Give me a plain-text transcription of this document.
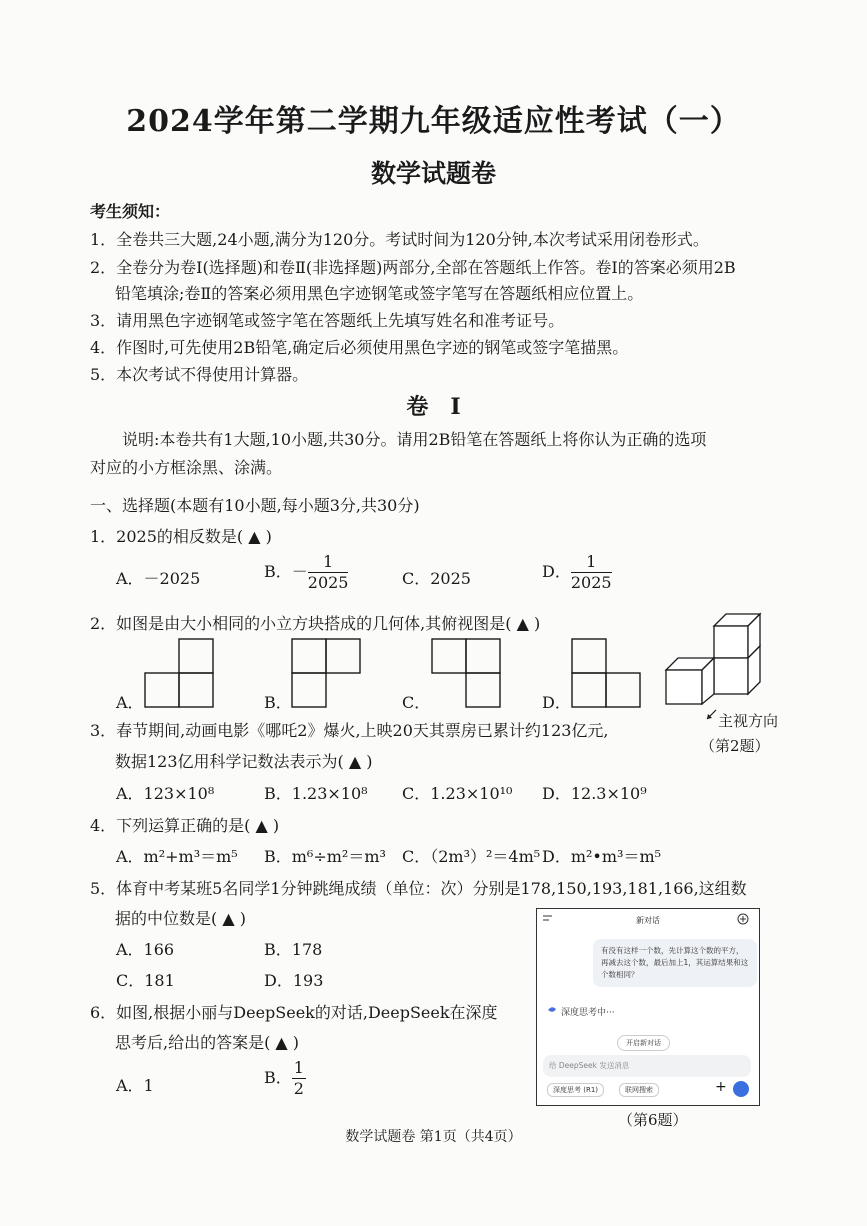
2024学年第二学期九年级适应性考试（一）
数学试题卷
考生须知：
1．全卷共三大题,24小题,满分为120分。考试时间为120分钟,本次考试采用闭卷形式。
2．全卷分为卷Ⅰ(选择题)和卷Ⅱ(非选择题)两部分,全部在答题纸上作答。卷Ⅰ的答案必须用2B
铅笔填涂;卷Ⅱ的答案必须用黑色字迹钢笔或签字笔写在答题纸相应位置上。
3．请用黑色字迹钢笔或签字笔在答题纸上先填写姓名和准考证号。
4．作图时,可先使用2B铅笔,确定后必须使用黑色字迹的钢笔或签字笔描黑。
5．本次考试不得使用计算器。
卷　I
说明:本卷共有1大题,10小题,共30分。请用2B铅笔在答题纸上将你认为正确的选项
对应的小方框涂黑、涂满。
一、选择题(本题有10小题,每小题3分,共30分)
1．2025的相反数是( ▲ )
A．－2025	B．－ $\frac{1}{2025}$	C．2025	D． $\frac{1}{2025}$
2．如图是由大小相同的小立方块搭成的几何体,其俯视图是( ▲ )
A．	B．	C．	D．
主视方向
（第2题）
3．春节期间,动画电影《哪吒2》爆火,上映20天其票房已累计约123亿元,
数据123亿用科学记数法表示为( ▲ )
A．123×10⁸	B．1.23×10⁸ C．1.23×10¹⁰ D．12.3×10⁹
4．下列运算正确的是( ▲ )
A．m²+m³＝m⁵ B．m⁶÷m²＝m³ C．（2m³）²＝4m⁵ D．m²•m³＝m⁵
5．体育中考某班5名同学1分钟跳绳成绩（单位：次）分别是178,150,193,181,166,这组数
据的中位数是( ▲ )
A．166	B．178
C．181	D．193
6．如图,根据小丽与DeepSeek的对话,DeepSeek在深度
思考后,给出的答案是( ▲ )
A．1	B． $\frac{1}{2}$
新对话
有没有这样一个数，先计算这个数的平方，再减去这个数，最后加上1，其运算结果和这个数相同？
深度思考中···
开启新对话
给 DeepSeek 发送消息
深度思考 (R1)	联网搜索	+
（第6题）
数学试题卷 第1页（共4页）
